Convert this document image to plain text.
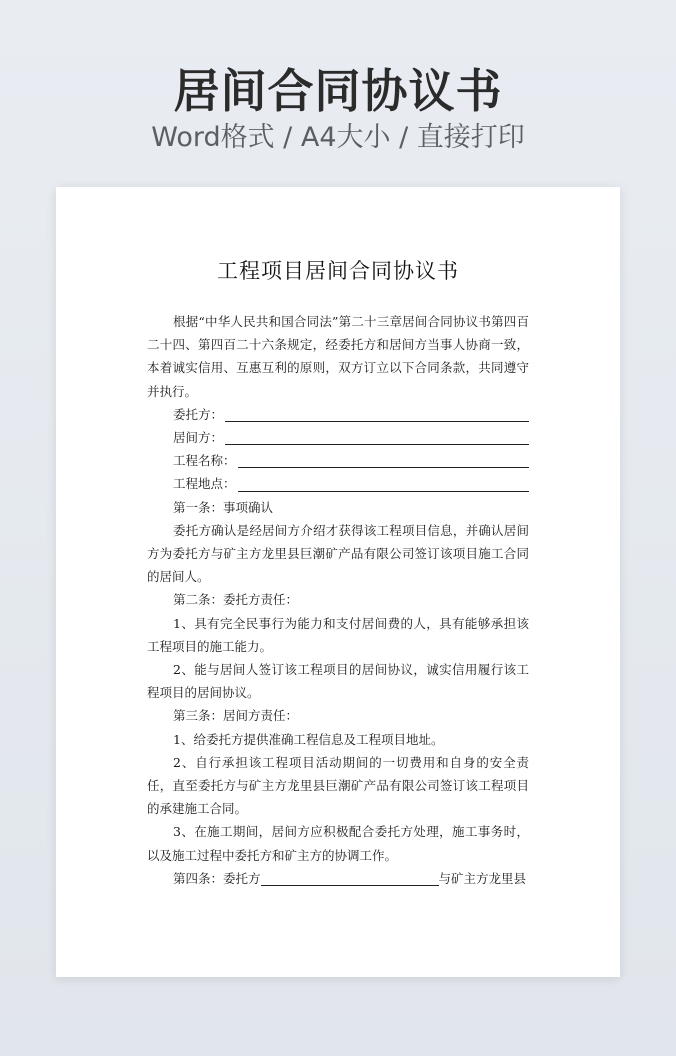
居间合同协议书
Word格式 / A4大小 / 直接打印
工程项目居间合同协议书

根据“中华人民共和国合同法”第二十三章居间合同协议书第四百二十四、第四百二十六条规定，经委托方和居间方当事人协商一致，本着诚实信用、互惠互利的原则，双方订立以下合同条款，共同遵守并执行。

委托方：
居间方：
工程名称：
工程地点：

第一条：事项确认

委托方确认是经居间方介绍才获得该工程项目信息，并确认居间方为委托方与矿主方龙里县巨潮矿产品有限公司签订该项目施工合同的居间人。

第二条：委托方责任：

1、具有完全民事行为能力和支付居间费的人，具有能够承担该工程项目的施工能力。

2、能与居间人签订该工程项目的居间协议，诚实信用履行该工程项目的居间协议。

第三条：居间方责任：

1、给委托方提供准确工程信息及工程项目地址。

2、自行承担该工程项目活动期间的一切费用和自身的安全责任，直至委托方与矿主方龙里县巨潮矿产品有限公司签订该工程项目的承建施工合同。

3、在施工期间，居间方应积极配合委托方处理，施工事务时，以及施工过程中委托方和矿主方的协调工作。

第四条：委托方	与矿主方龙里县
